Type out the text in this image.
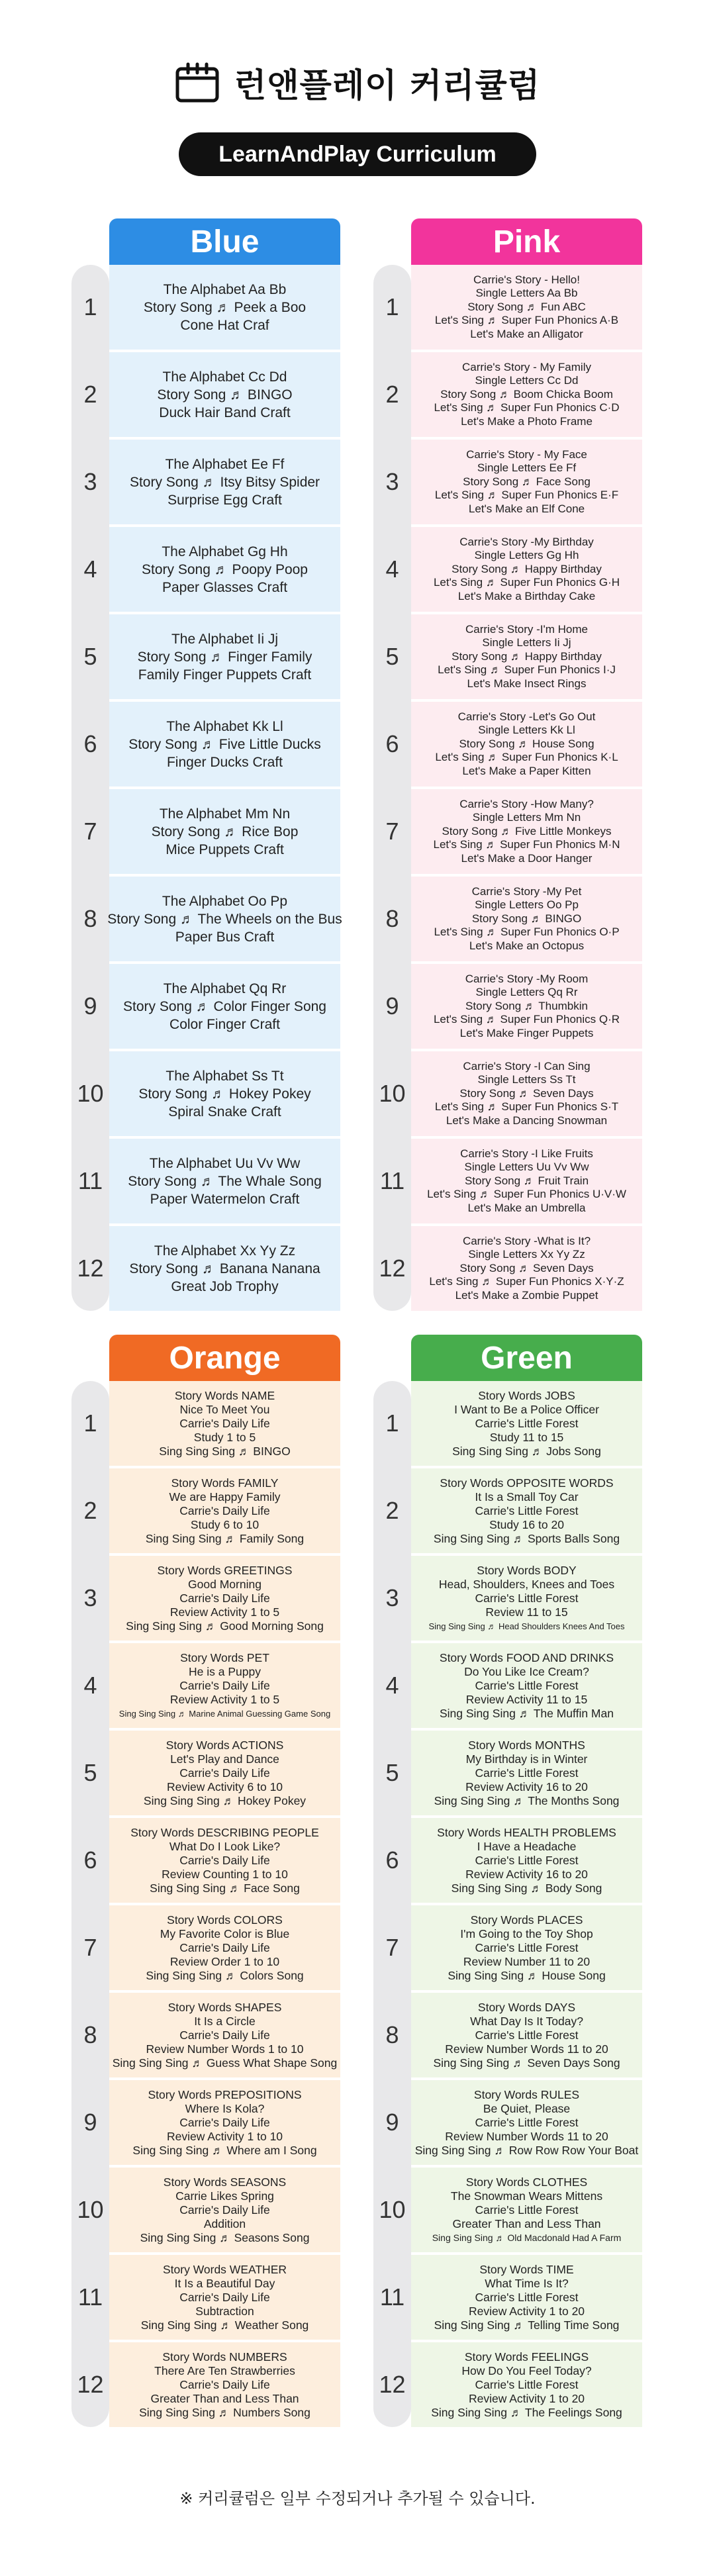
런앤플레이 커리큘럼
LearnAndPlay Curriculum
Blue
1
The Alphabet Aa Bb
Story Song ♬ Peek a Boo
Cone Hat Craf
2
The Alphabet Cc Dd
Story Song ♬ BINGO
Duck Hair Band Craft
3
The Alphabet Ee Ff
Story Song ♬ Itsy Bitsy Spider
Surprise Egg Craft
4
The Alphabet Gg Hh
Story Song ♬ Poopy Poop
Paper Glasses Craft
5
The Alphabet Ii Jj
Story Song ♬ Finger Family
Family Finger Puppets Craft
6
The Alphabet Kk Ll
Story Song ♬ Five Little Ducks
Finger Ducks Craft
7
The Alphabet Mm Nn
Story Song ♬ Rice Bop
Mice Puppets Craft
8
The Alphabet Oo Pp
Story Song ♬ The Wheels on the Bus
Paper Bus Craft
9
The Alphabet Qq Rr
Story Song ♬ Color Finger Song
Color Finger Craft
10
The Alphabet Ss Tt
Story Song ♬ Hokey Pokey
Spiral Snake Craft
11
The Alphabet Uu Vv Ww
Story Song ♬ The Whale Song
Paper Watermelon Craft
12
The Alphabet Xx Yy Zz
Story Song ♬ Banana Nanana
Great Job Trophy
Pink
1
Carrie's Story - Hello!
Single Letters Aa Bb
Story Song ♬ Fun ABC
Let's Sing ♬ Super Fun Phonics A·B
Let's Make an Alligator
2
Carrie's Story - My Family
Single Letters Cc Dd
Story Song ♬ Boom Chicka Boom
Let's Sing ♬ Super Fun Phonics C·D
Let's Make a Photo Frame
3
Carrie's Story - My Face
Single Letters Ee Ff
Story Song ♬ Face Song
Let's Sing ♬ Super Fun Phonics E·F
Let's Make an Elf Cone
4
Carrie's Story -My Birthday
Single Letters Gg Hh
Story Song ♬ Happy Birthday
Let's Sing ♬ Super Fun Phonics G·H
Let's Make a Birthday Cake
5
Carrie's Story -I'm Home
Single Letters Ii Jj
Story Song ♬ Happy Birthday
Let's Sing ♬ Super Fun Phonics I·J
Let's Make Insect Rings
6
Carrie's Story -Let's Go Out
Single Letters Kk Ll
Story Song ♬ House Song
Let's Sing ♬ Super Fun Phonics K·L
Let's Make a Paper Kitten
7
Carrie's Story -How Many?
Single Letters Mm Nn
Story Song ♬ Five Little Monkeys
Let's Sing ♬ Super Fun Phonics M·N
Let's Make a Door Hanger
8
Carrie's Story -My Pet
Single Letters Oo Pp
Story Song ♬ BINGO
Let's Sing ♬ Super Fun Phonics O·P
Let's Make an Octopus
9
Carrie's Story -My Room
Single Letters Qq Rr
Story Song ♬ Thumbkin
Let's Sing ♬ Super Fun Phonics Q·R
Let's Make Finger Puppets
10
Carrie's Story -I Can Sing
Single Letters Ss Tt
Story Song ♬ Seven Days
Let's Sing ♬ Super Fun Phonics S·T
Let's Make a Dancing Snowman
11
Carrie's Story -I Like Fruits
Single Letters Uu Vv Ww
Story Song ♬ Fruit Train
Let's Sing ♬ Super Fun Phonics U·V·W
Let's Make an Umbrella
12
Carrie's Story -What is It?
Single Letters Xx Yy Zz
Story Song ♬ Seven Days
Let's Sing ♬ Super Fun Phonics X·Y·Z
Let's Make a Zombie Puppet
Orange
1
Story Words NAME
Nice To Meet You
Carrie's Daily Life
Study 1 to 5
Sing Sing Sing ♬ BINGO
2
Story Words FAMILY
We are Happy Family
Carrie's Daily Life
Study 6 to 10
Sing Sing Sing ♬ Family Song
3
Story Words GREETINGS
Good Morning
Carrie's Daily Life
Review Activity 1 to 5
Sing Sing Sing ♬ Good Morning Song
4
Story Words PET
He is a Puppy
Carrie's Daily Life
Review Activity 1 to 5
Sing Sing Sing ♬ Marine Animal Guessing Game Song
5
Story Words ACTIONS
Let's Play and Dance
Carrie's Daily Life
Review Activity 6 to 10
Sing Sing Sing ♬ Hokey Pokey
6
Story Words DESCRIBING PEOPLE
What Do I Look Like?
Carrie's Daily Life
Review Counting 1 to 10
Sing Sing Sing ♬ Face Song
7
Story Words COLORS
My Favorite Color is Blue
Carrie's Daily Life
Review Order 1 to 10
Sing Sing Sing ♬ Colors Song
8
Story Words SHAPES
It Is a Circle
Carrie's Daily Life
Review Number Words 1 to 10
Sing Sing Sing ♬ Guess What Shape Song
9
Story Words PREPOSITIONS
Where Is Kola?
Carrie's Daily Life
Review Activity 1 to 10
Sing Sing Sing ♬ Where am I Song
10
Story Words SEASONS
Carrie Likes Spring
Carrie's Daily Life
Addition
Sing Sing Sing ♬ Seasons Song
11
Story Words WEATHER
It Is a Beautiful Day
Carrie's Daily Life
Subtraction
Sing Sing Sing ♬ Weather Song
12
Story Words NUMBERS
There Are Ten Strawberries
Carrie's Daily Life
Greater Than and Less Than
Sing Sing Sing ♬ Numbers Song
Green
1
Story Words JOBS
I Want to Be a Police Officer
Carrie's Little Forest
Study 11 to 15
Sing Sing Sing ♬ Jobs Song
2
Story Words OPPOSITE WORDS
It Is a Small Toy Car
Carrie's Little Forest
Study 16 to 20
Sing Sing Sing ♬ Sports Balls Song
3
Story Words BODY
Head, Shoulders, Knees and Toes
Carrie's Little Forest
Review 11 to 15
Sing Sing Sing ♬ Head Shoulders Knees And Toes
4
Story Words FOOD AND DRINKS
Do You Like Ice Cream?
Carrie's Little Forest
Review Activity 11 to 15
Sing Sing Sing ♬ The Muffin Man
5
Story Words MONTHS
My Birthday is in Winter
Carrie's Little Forest
Review Activity 16 to 20
Sing Sing Sing ♬ The Months Song
6
Story Words HEALTH PROBLEMS
I Have a Headache
Carrie's Little Forest
Review Activity 16 to 20
Sing Sing Sing ♬ Body Song
7
Story Words PLACES
I'm Going to the Toy Shop
Carrie's Little Forest
Review Number 11 to 20
Sing Sing Sing ♬ House Song
8
Story Words DAYS
What Day Is It Today?
Carrie's Little Forest
Review Number Words 11 to 20
Sing Sing Sing ♬ Seven Days Song
9
Story Words RULES
Be Quiet, Please
Carrie's Little Forest
Review Number Words 11 to 20
Sing Sing Sing ♬ Row Row Row Your Boat
10
Story Words CLOTHES
The Snowman Wears Mittens
Carrie's Little Forest
Greater Than and Less Than
Sing Sing Sing ♬ Old Macdonald Had A Farm
11
Story Words TIME
What Time Is It?
Carrie's Little Forest
Review Activity 1 to 20
Sing Sing Sing ♬ Telling Time Song
12
Story Words FEELINGS
How Do You Feel Today?
Carrie's Little Forest
Review Activity 1 to 20
Sing Sing Sing ♬ The Feelings Song
※ 커리큘럼은 일부 수정되거나 추가될 수 있습니다.
